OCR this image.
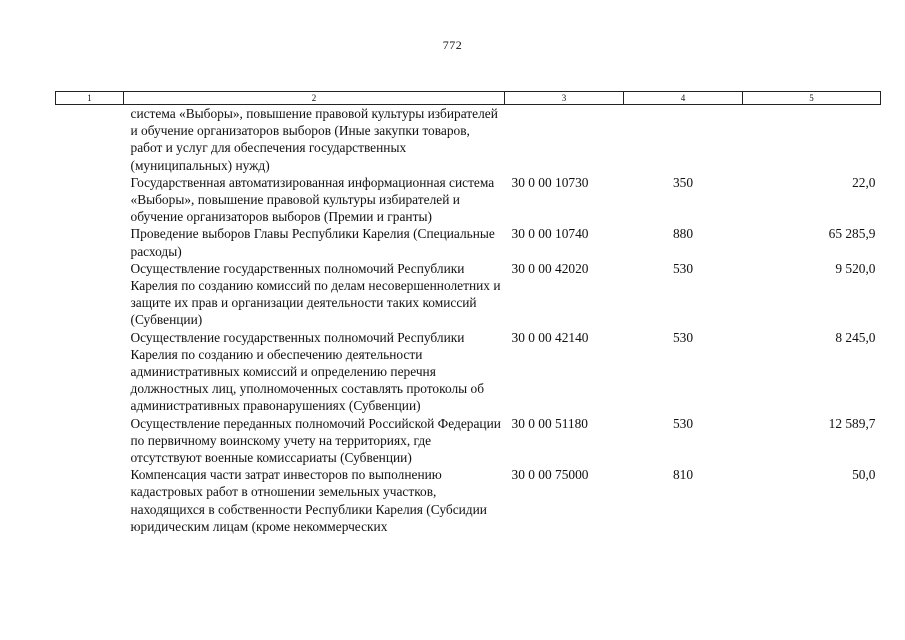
772
1	2	3	4	5
	система «Выборы», повышение правовой культуры избирателей и обучение организаторов выборов (Иные закупки товаров, работ и услуг для обеспечения государственных (муниципальных) нужд)			
	Государственная автоматизированная информационная система «Выборы», повышение правовой культуры избирателей и обучение организаторов выборов (Премии и гранты)	30 0 00 10730	350	22,0
	Проведение выборов Главы Республики Карелия (Специальные расходы)	30 0 00 10740	880	65 285,9
	Осуществление государственных полномочий Республики Карелия по созданию комиссий по делам несовершеннолетних и защите их прав и организации деятельности таких комиссий (Субвенции)	30 0 00 42020	530	9 520,0
	Осуществление государственных полномочий Республики Карелия по созданию и обеспечению деятельности административных комиссий и определению перечня должностных лиц, уполномоченных составлять протоколы об административных правонарушениях (Субвенции)	30 0 00 42140	530	8 245,0
	Осуществление переданных полномочий Российской Федерации по первичному воинскому учету на территориях, где отсутствуют военные комиссариаты (Субвенции)	30 0 00 51180	530	12 589,7
	Компенсация части затрат инвесторов по выполнению кадастровых работ в отношении земельных участков, находящихся в собственности Республики Карелия (Субсидии юридическим лицам (кроме некоммерческих	30 0 00 75000	810	50,0
